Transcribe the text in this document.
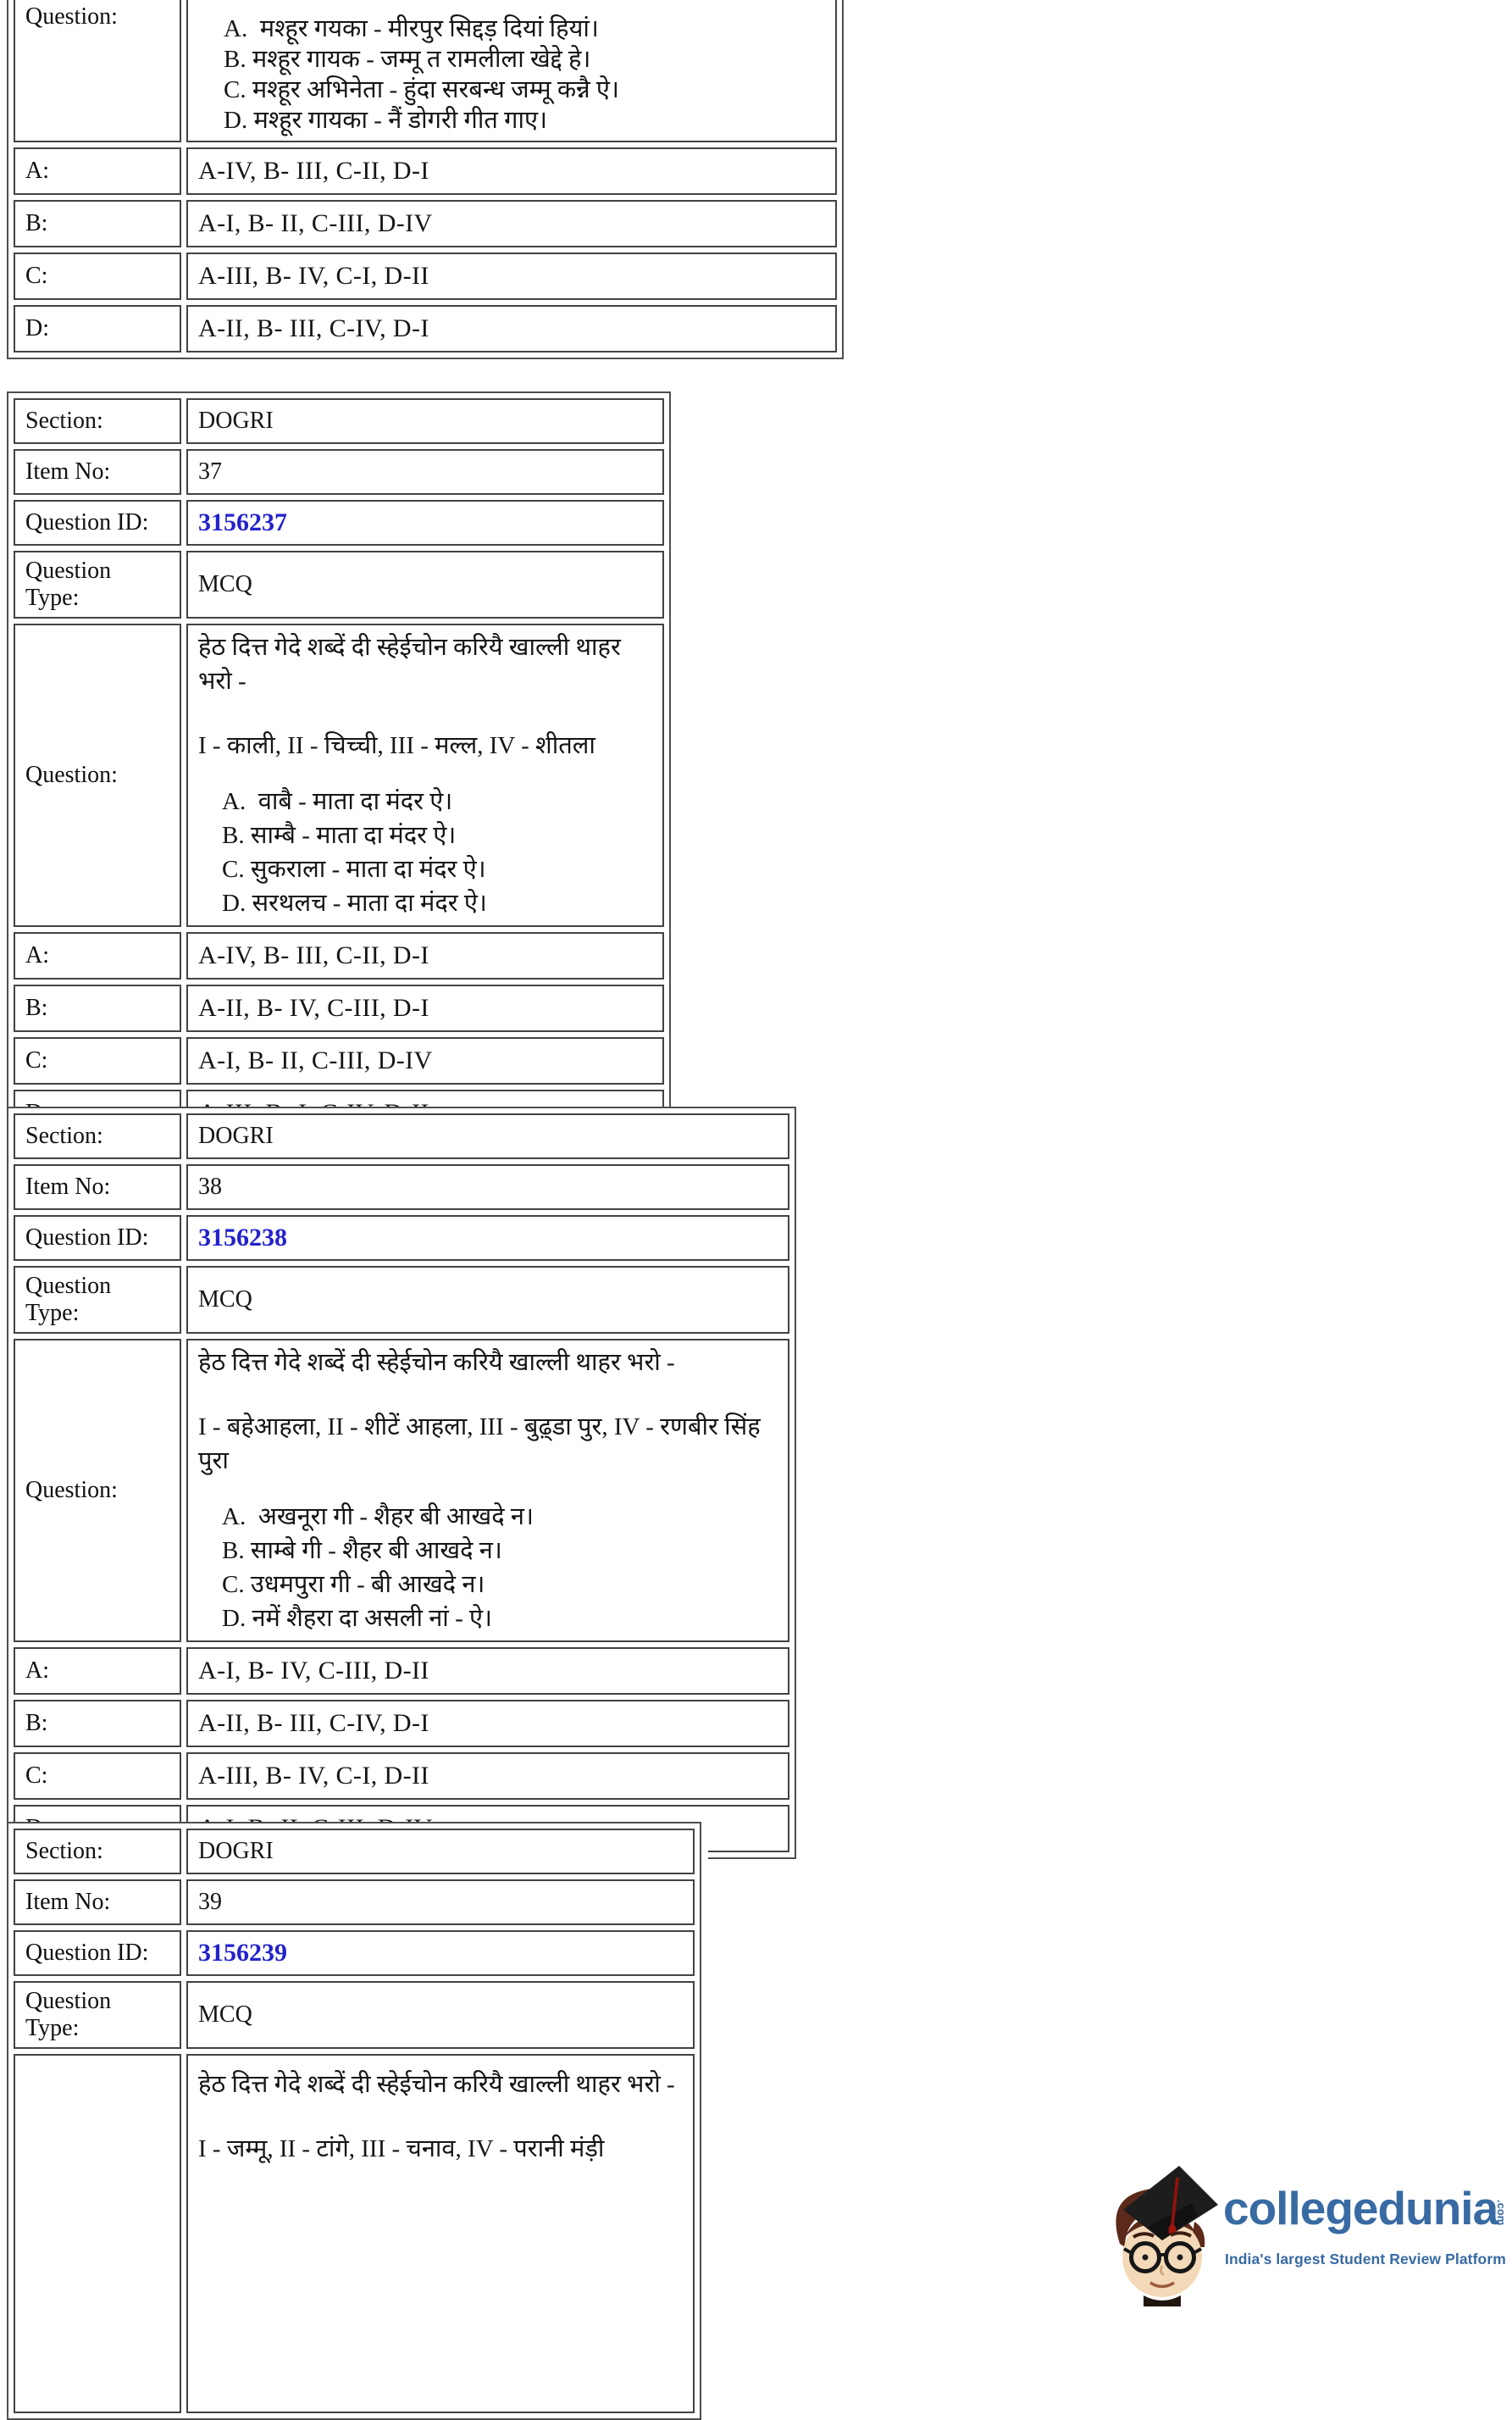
Question:	A.  मश्हूर गयका - मीरपुर सिद्दड़ दियां हियां।
B. मश्हूर गायक - जम्मू त रामलीला खेद्दे हे।
C. मश्हूर अभिनेता - हुंदा सरबन्ध जम्मू कन्नै ऐ।
D. मश्हूर गायका - नैं डोगरी गीत गाए।

A:	A-IV, B- III, C-II, D-I
B:	A-I, B- II, C-III, D-IV
C:	A-III, B- IV, C-I, D-II
D:	A-II, B- III, C-IV, D-I
Section:	DOGRI
Item No:	37
Question ID:	3156237
Question Type:	MCQ
Question:	
हेठ दित्त गेदे शब्दें दी स्हेईचोन करियै खाल्ली थाहर भरो -
I - काली, II - चिच्ची, III - मल्ल, IV - शीतला
A.  वाबै - माता दा मंदर ऐ।
B. साम्बै - माता दा मंदर ऐ।
C. सुकराला - माता दा मंदर ऐ।
D. सरथलच - माता दा मंदर ऐ।

A:	A-IV, B- III, C-II, D-I
B:	A-II, B- IV, C-III, D-I
C:	A-I, B- II, C-III, D-IV

Section:	DOGRI
Item No:	38
Question ID:	3156238
Question Type:	MCQ
Question:	
हेठ दित्त गेदे शब्दें दी स्हेईचोन करियै खाल्ली थाहर भरो -
I - बहेआहला, II - शीटें आहला, III - बुढ़्डा पुर, IV - रणबीर सिंह पुरा
A.  अखनूरा गी - शैहर बी आखदे न।
B. साम्बे गी - शैहर बी आखदे न।
C. उधमपुरा गी - बी आखदे न।
D. नमें शैहरा दा असली नां - ऐ।

A:	A-I, B- IV, C-III, D-II
B:	A-II, B- III, C-IV, D-I
C:	A-III, B- IV, C-I, D-II

Section:	DOGRI
Item No:	39
Question ID:	3156239
Question Type:	MCQ

	हेठ दित्त गेदे शब्दें दी स्हेईचोन करियै खाल्ली थाहर भरो -
I - जम्मू, II - टांगे, III - चनाव, IV - परानी मंड़ी
collegedunia
.com
India's largest Student Review Platform
